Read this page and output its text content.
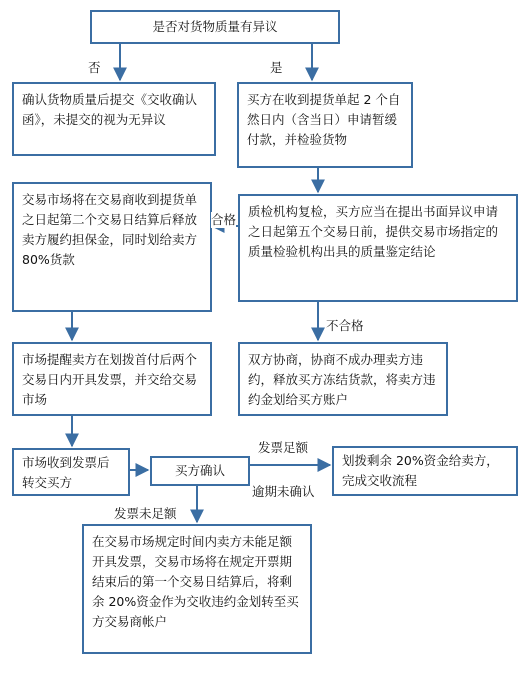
是否对货物质量有异议
否	是
确认货物质量后提交《交收确认函》，未提交的视为无异议
买方在收到提货单起 2 个自然日内（含当日）申请暂缓付款，并检验货物
交易市场将在交易商收到提货单之日起第二个交易日结算后释放卖方履约担保金，同时划给卖方 80%货款
合格
质检机构复检，买方应当在提出书面异议申请之日起第五个交易日前，提供交易市场指定的质量检验机构出具的质量鉴定结论
不合格
市场提醒卖方在划拨首付后两个交易日内开具发票，并交给交易市场
双方协商，协商不成办理卖方违约，释放买方冻结货款，将卖方违约金划给买方账户
市场收到发票后转交买方
买方确认
发票足额
逾期未确认
划拨剩余 20%资金给卖方，完成交收流程
发票未足额
在交易市场规定时间内卖方未能足额开具发票，交易市场将在规定开票期结束后的第一个交易日结算后，将剩余 20%资金作为交收违约金划转至买方交易商帐户
